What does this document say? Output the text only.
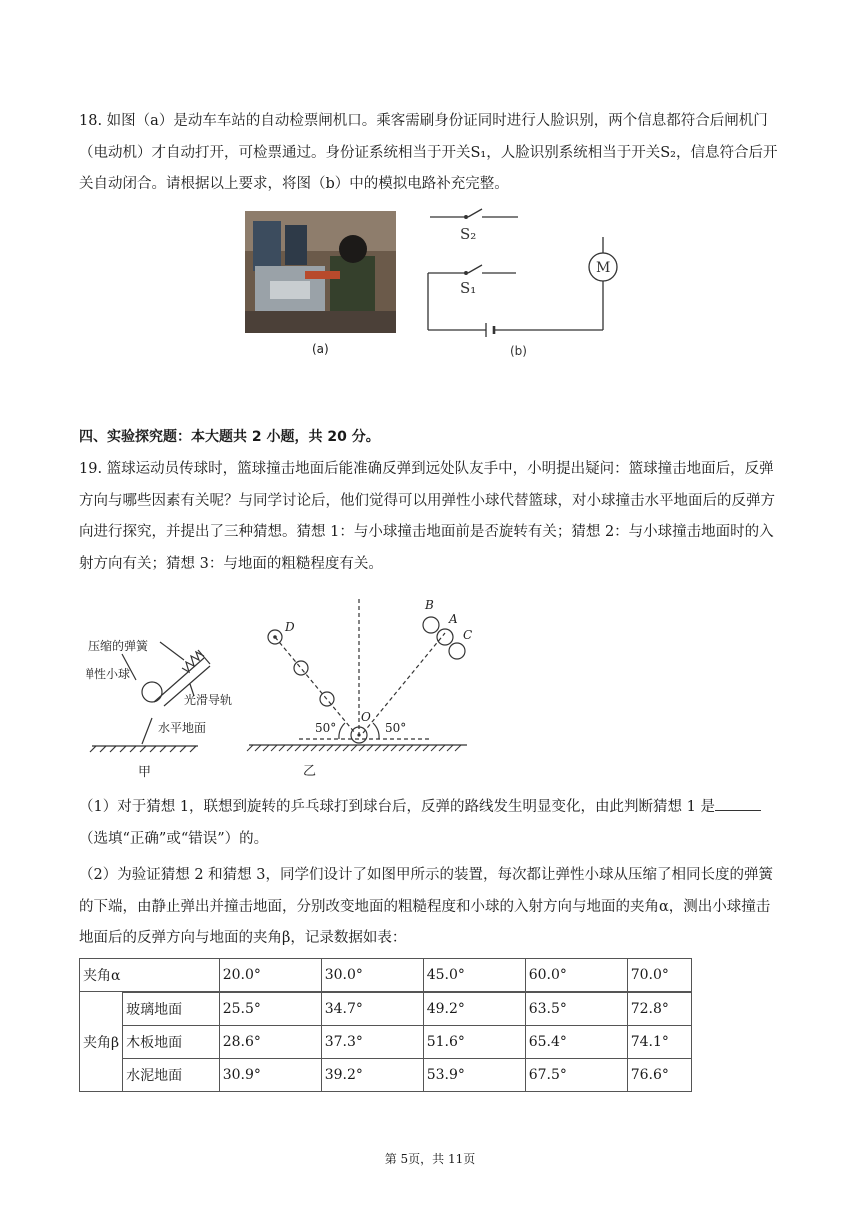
18. 如图（a）是动车车站的自动检票闸机口。乘客需刷身份证同时进行人脸识别，两个信息都符合后闸机门（电动机）才自动打开，可检票通过。身份证系统相当于开关S₁，人脸识别系统相当于开关S₂，信息符合后开关自动闭合。请根据以上要求，将图（b）中的模拟电路补充完整。

(a)
S₂
S₁
M
(b)

四、实验探究题：本大题共 2 小题，共 20 分。

19. 篮球运动员传球时，篮球撞击地面后能准确反弹到远处队友手中，小明提出疑问：篮球撞击地面后，反弹方向与哪些因素有关呢？与同学讨论后，他们觉得可以用弹性小球代替篮球，对小球撞击水平地面后的反弹方向进行探究，并提出了三种猜想。猜想 1：与小球撞击地面前是否旋转有关；猜想 2：与小球撞击地面时的入射方向有关；猜想 3：与地面的粗糙程度有关。

压缩的弹簧
弹性小球
光滑导轨
水平地面
甲
D
B
A
C
O
50°	50°
乙

（1）对于猜想 1，联想到旋转的乒乓球打到球台后，反弹的路线发生明显变化，由此判断猜想 1 是（选填“正确”或“错误”）的。

（2）为验证猜想 2 和猜想 3，同学们设计了如图甲所示的装置，每次都让弹性小球从压缩了相同长度的弹簧的下端，由静止弹出并撞击地面，分别改变地面的粗糙程度和小球的入射方向与地面的夹角α，测出小球撞击地面后的反弹方向与地面的夹角β，记录数据如表：

夹角α		20.0°	30.0°	45.0°	60.0°	70.0°
夹角β						
	玻璃地面	25.5°	34.7°	49.2°	63.5°	72.8°
	木板地面	28.6°	37.3°	51.6°	65.4°	74.1°
	水泥地面	30.9°	39.2°	53.9°	67.5°	76.6°
第 5页，共 11页
